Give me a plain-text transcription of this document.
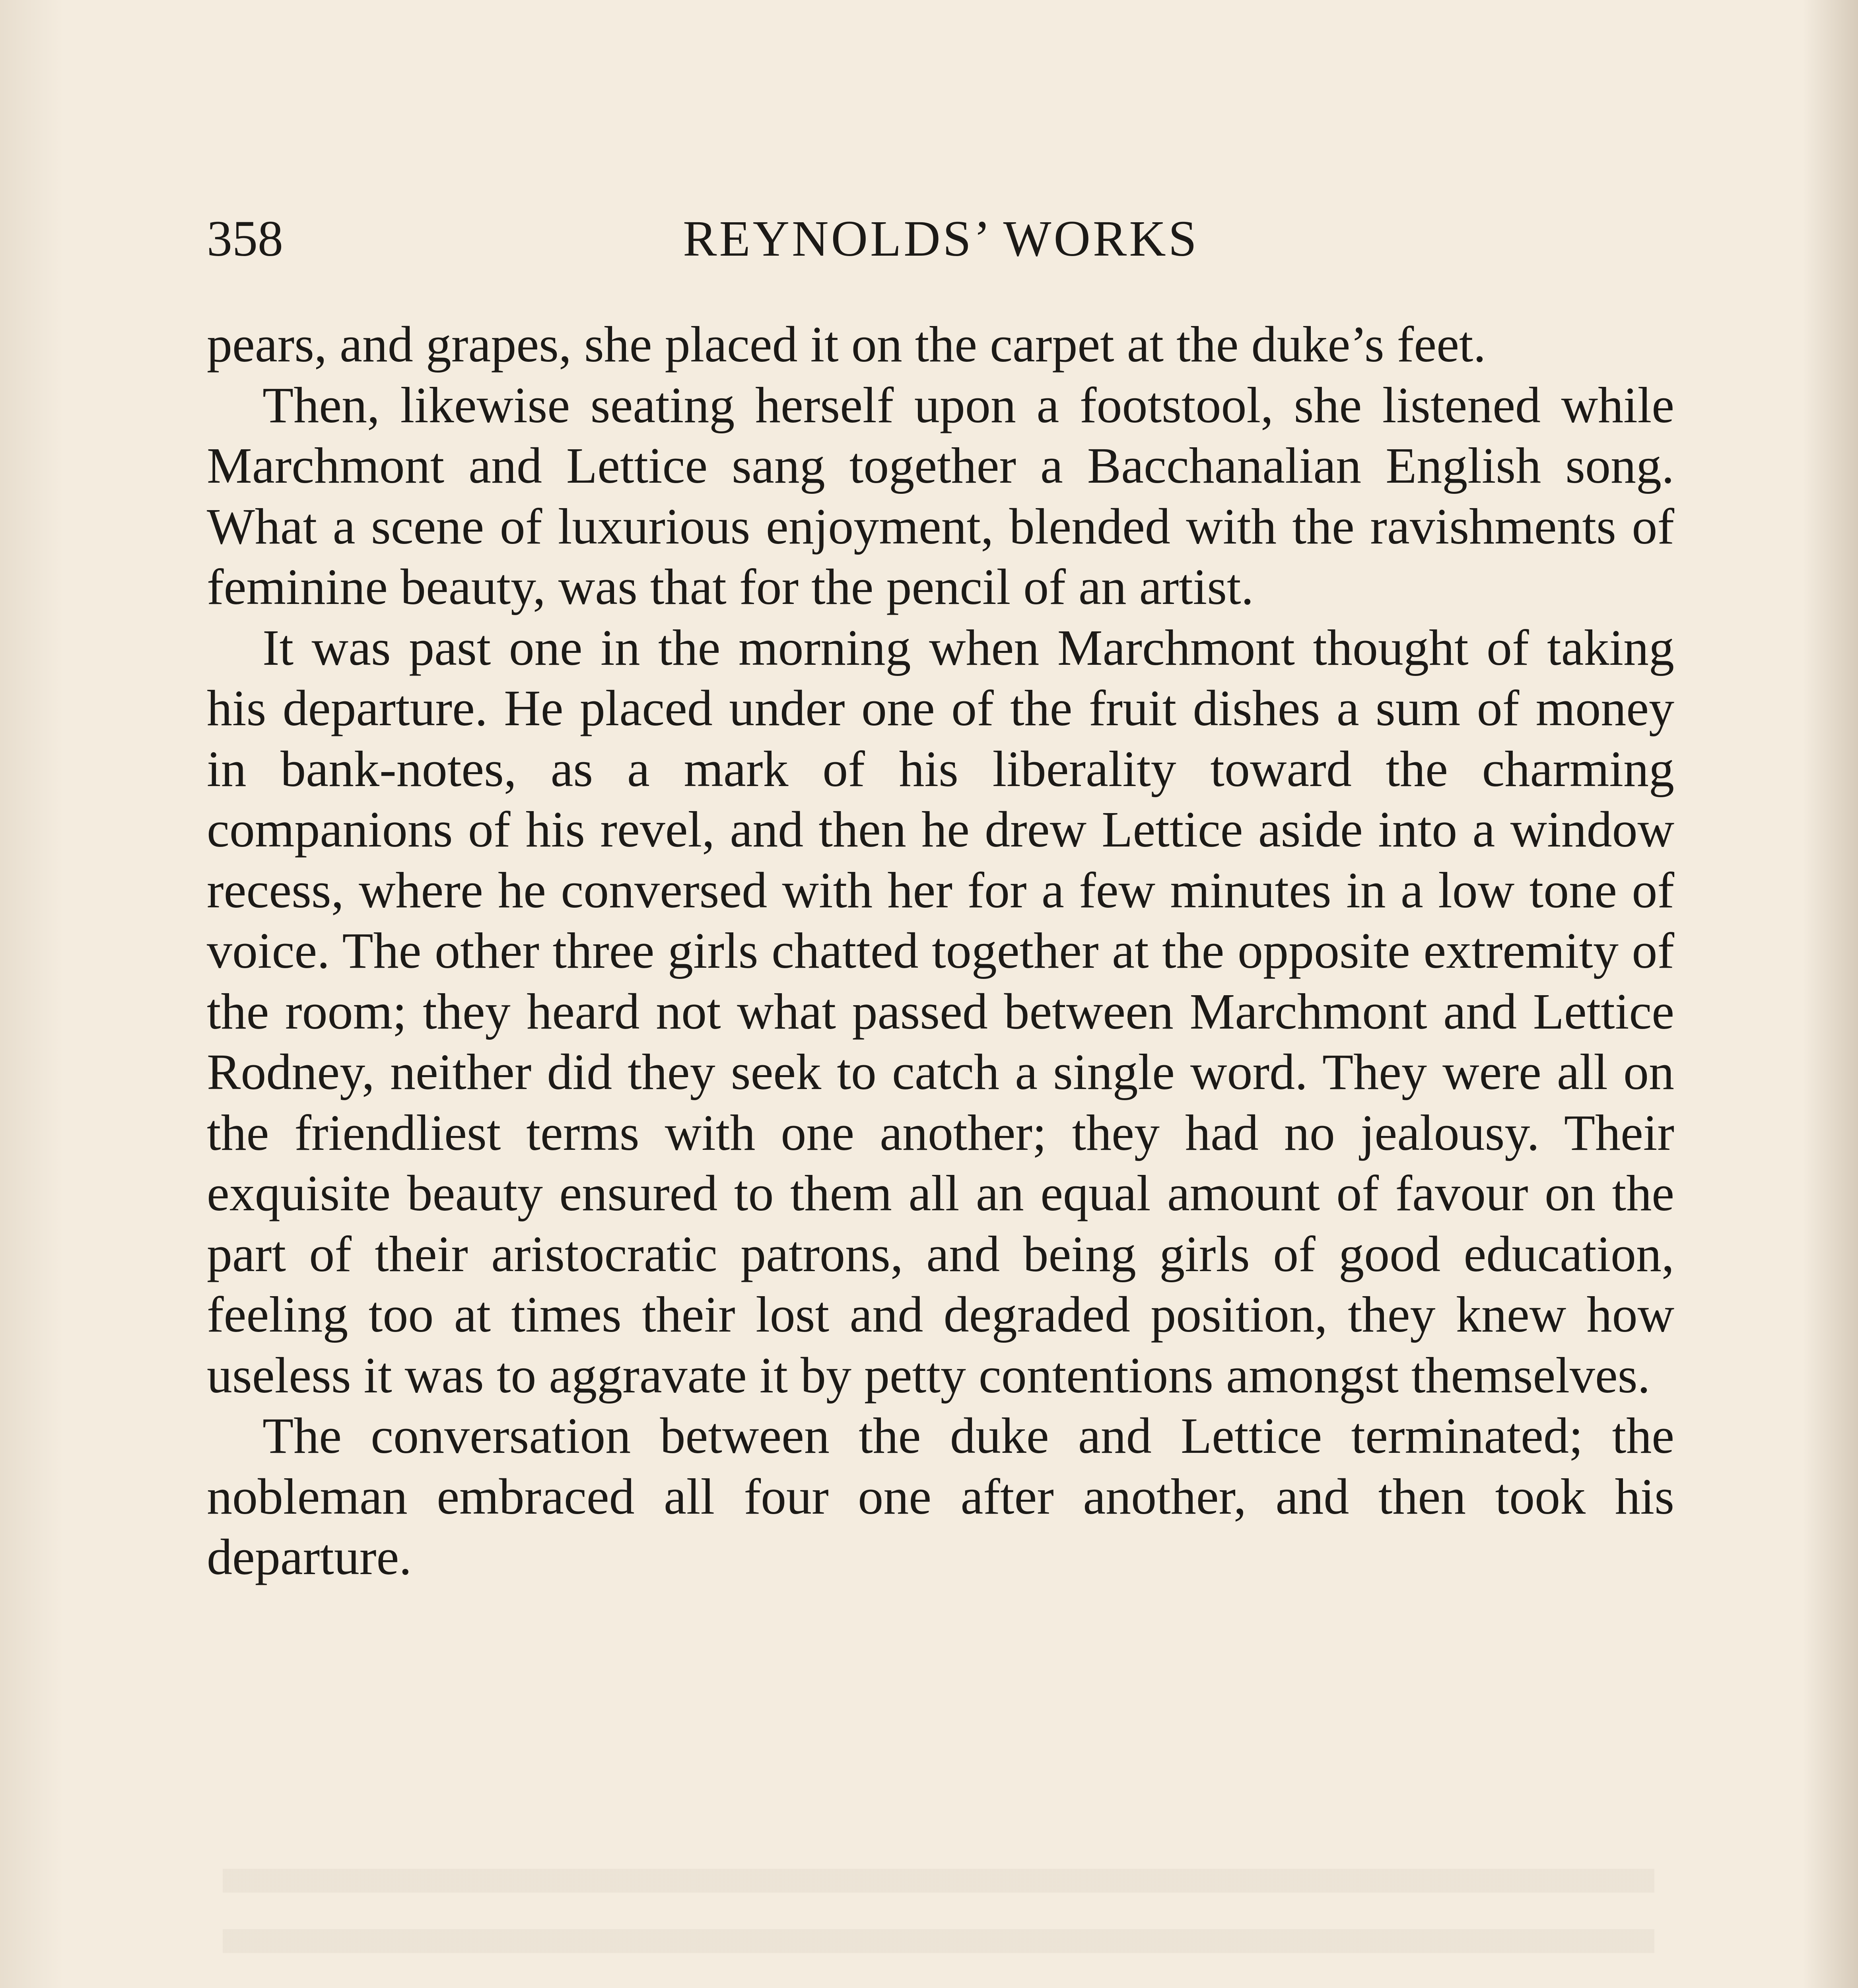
358	REYNOLDS’ WORKS

pears, and grapes, she placed it on the carpet at the duke’s feet.

Then, likewise seating herself upon a footstool, she listened while Marchmont and Lettice sang together a Bacchanalian English song. What a scene of luxurious enjoyment, blended with the ravishments of feminine beauty, was that for the pencil of an artist.

It was past one in the morning when Marchmont thought of taking his departure. He placed under one of the fruit dishes a sum of money in bank-notes, as a mark of his liberality toward the charming companions of his revel, and then he drew Lettice aside into a window recess, where he conversed with her for a few minutes in a low tone of voice. The other three girls chatted together at the opposite extremity of the room; they heard not what passed between Marchmont and Lettice Rodney, neither did they seek to catch a single word. They were all on the friendliest terms with one another; they had no jealousy. Their exquisite beauty ensured to them all an equal amount of favour on the part of their aristocratic patrons, and being girls of good education, feeling too at times their lost and degraded position, they knew how useless it was to aggravate it by petty contentions amongst themselves.

The conversation between the duke and Lettice terminated; the nobleman embraced all four one after another, and then took his departure.
